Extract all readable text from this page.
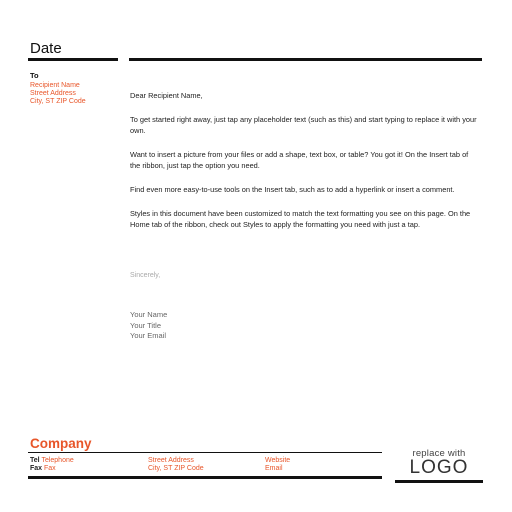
Date
To
Recipient Name
Street Address
City, ST ZIP Code

Dear Recipient Name,

To get started right away, just tap any placeholder text (such as this) and start typing to replace it with your own.

Want to insert a picture from your files or add a shape, text box, or table? You got it! On the Insert tab of the ribbon, just tap the option you need.

Find even more easy-to-use tools on the Insert tab, such as to add a hyperlink or insert a comment.

Styles in this document have been customized to match the text formatting you see on this page. On the Home tab of the ribbon, check out Styles to apply the formatting you need with just a tap.

Sincerely,
Your Name
Your Title
Your Email
Company
Tel Telephone
Fax Fax
Street Address
City, ST ZIP Code
Website
Email
replace with
LOGO
